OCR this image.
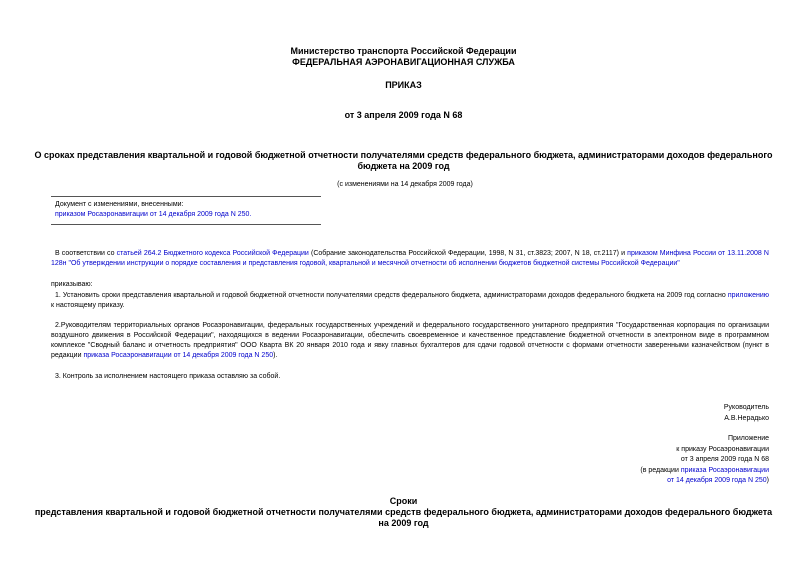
Министерство транспорта Российской Федерации
ФЕДЕРАЛЬНАЯ АЭРОНАВИГАЦИОННАЯ СЛУЖБА
ПРИКАЗ
от 3 апреля 2009 года N 68
О сроках представления квартальной и годовой бюджетной отчетности получателями средств федерального бюджета, администраторами доходов федерального
бюджета на 2009 год
(с изменениями на 14 декабря 2009 года)
Документ с изменениями, внесенными:
приказом Росаэронавигации от 14 декабря 2009 года N 250.
В соответствии со статьей 264.2 Бюджетного кодекса Российской Федерации (Собрание законодательства Российской Федерации, 1998, N 31, ст.3823; 2007, N 18, ст.2117) и приказом Минфина России от 13.11.2008 N 128н "Об утверждении инструкции о порядке составления и представления годовой, квартальной и месячной отчетности об исполнении бюджетов бюджетной системы Российской Федерации"
приказываю:
1. Установить сроки представления квартальной и годовой бюджетной отчетности получателями средств федерального бюджета, администраторами доходов федерального бюджета на 2009 год согласно приложению к настоящему приказу.
2.Руководителям территориальных органов Росаэронавигации, федеральных государственных учреждений и федерального государственного унитарного предприятия "Государственная корпорация по организации воздушного движения в Российской Федерации", находящихся в ведении Росаэронавигации, обеспечить своевременное и качественное представление бюджетной отчетности в электронном виде в программном комплексе "Сводный баланс и отчетность предприятия" ООО Кварта ВК 20 января 2010 года и явку главных бухгалтеров для сдачи годовой отчетности с формами отчетности заверенными казначейством (пункт в редакции приказа Росаэронавигации от 14 декабря 2009 года N 250).
3. Контроль за исполнением настоящего приказа оставляю за собой.
Руководитель
А.В.Нерадько
Приложение
к приказу Росаэронавигации
от 3 апреля 2009 года N 68
(в редакции приказа Росаэронавигации
от 14 декабря 2009 года N 250)
Сроки
представления квартальной и годовой бюджетной отчетности получателями средств федерального бюджета, администраторами доходов федерального бюджета
на 2009 год
